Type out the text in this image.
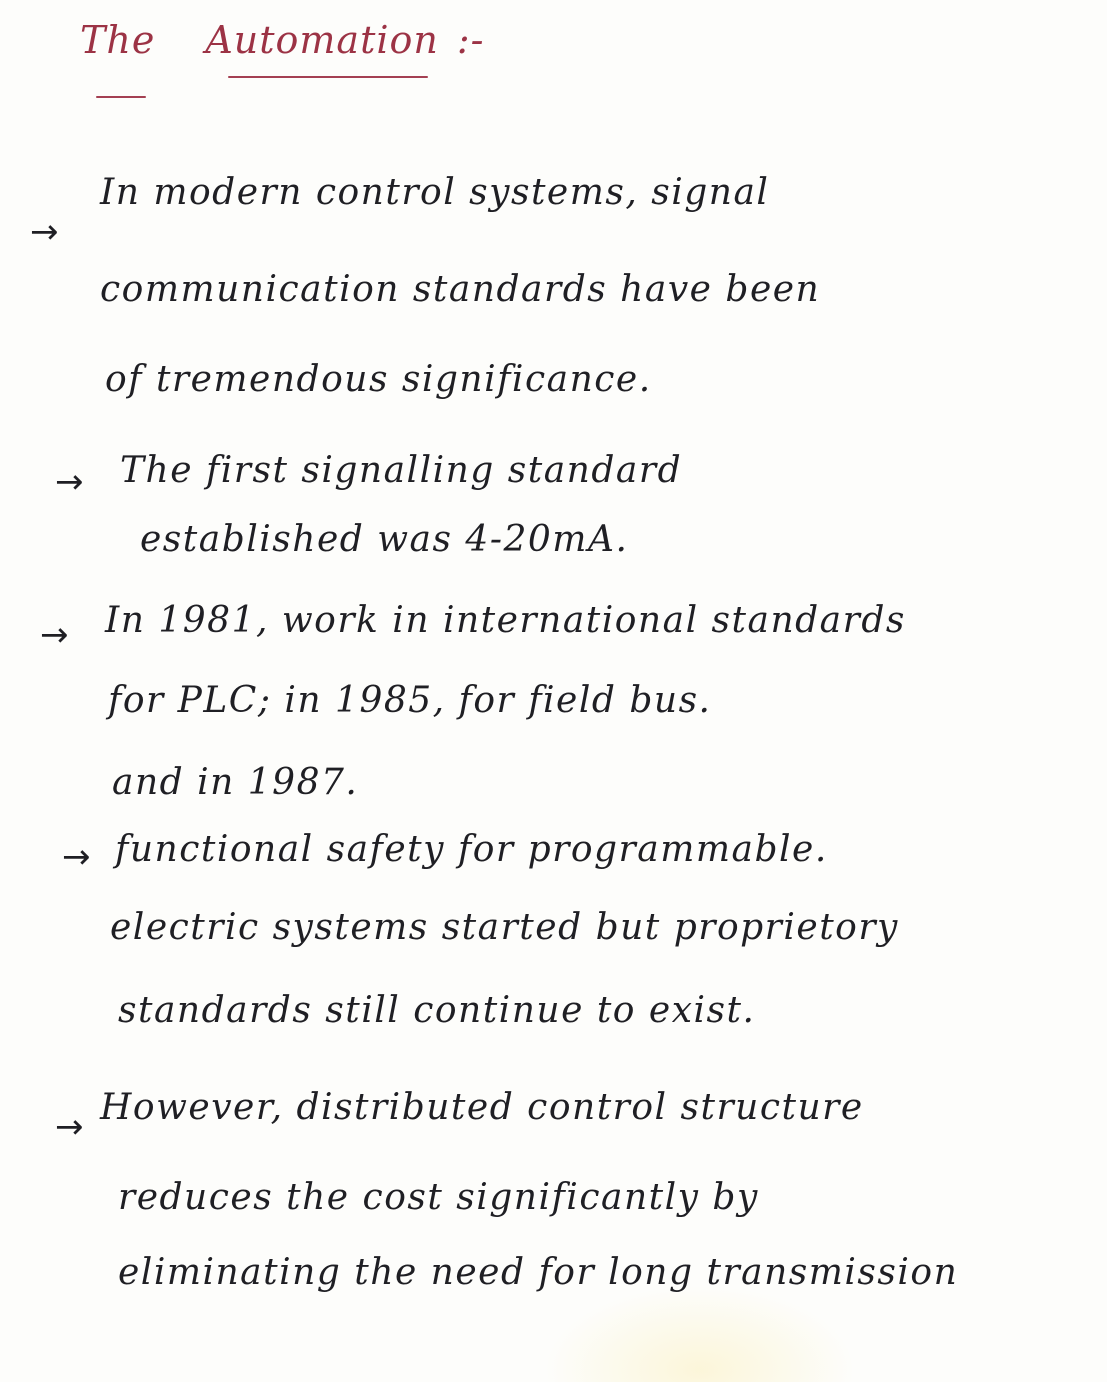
The Automation :-
→
In modern control systems, signal
communication standards have been
of tremendous significance.
→ The first signalling standard
established was 4-20mA.
→ In 1981, work in international standards
for PLC; in 1985, for field bus.
and in 1987.
→ functional safety for programmable.
electric systems started but proprietory
standards still continue to exist.
→ However, distributed control structure
reduces the cost significantly by
eliminating the need for long transmission
